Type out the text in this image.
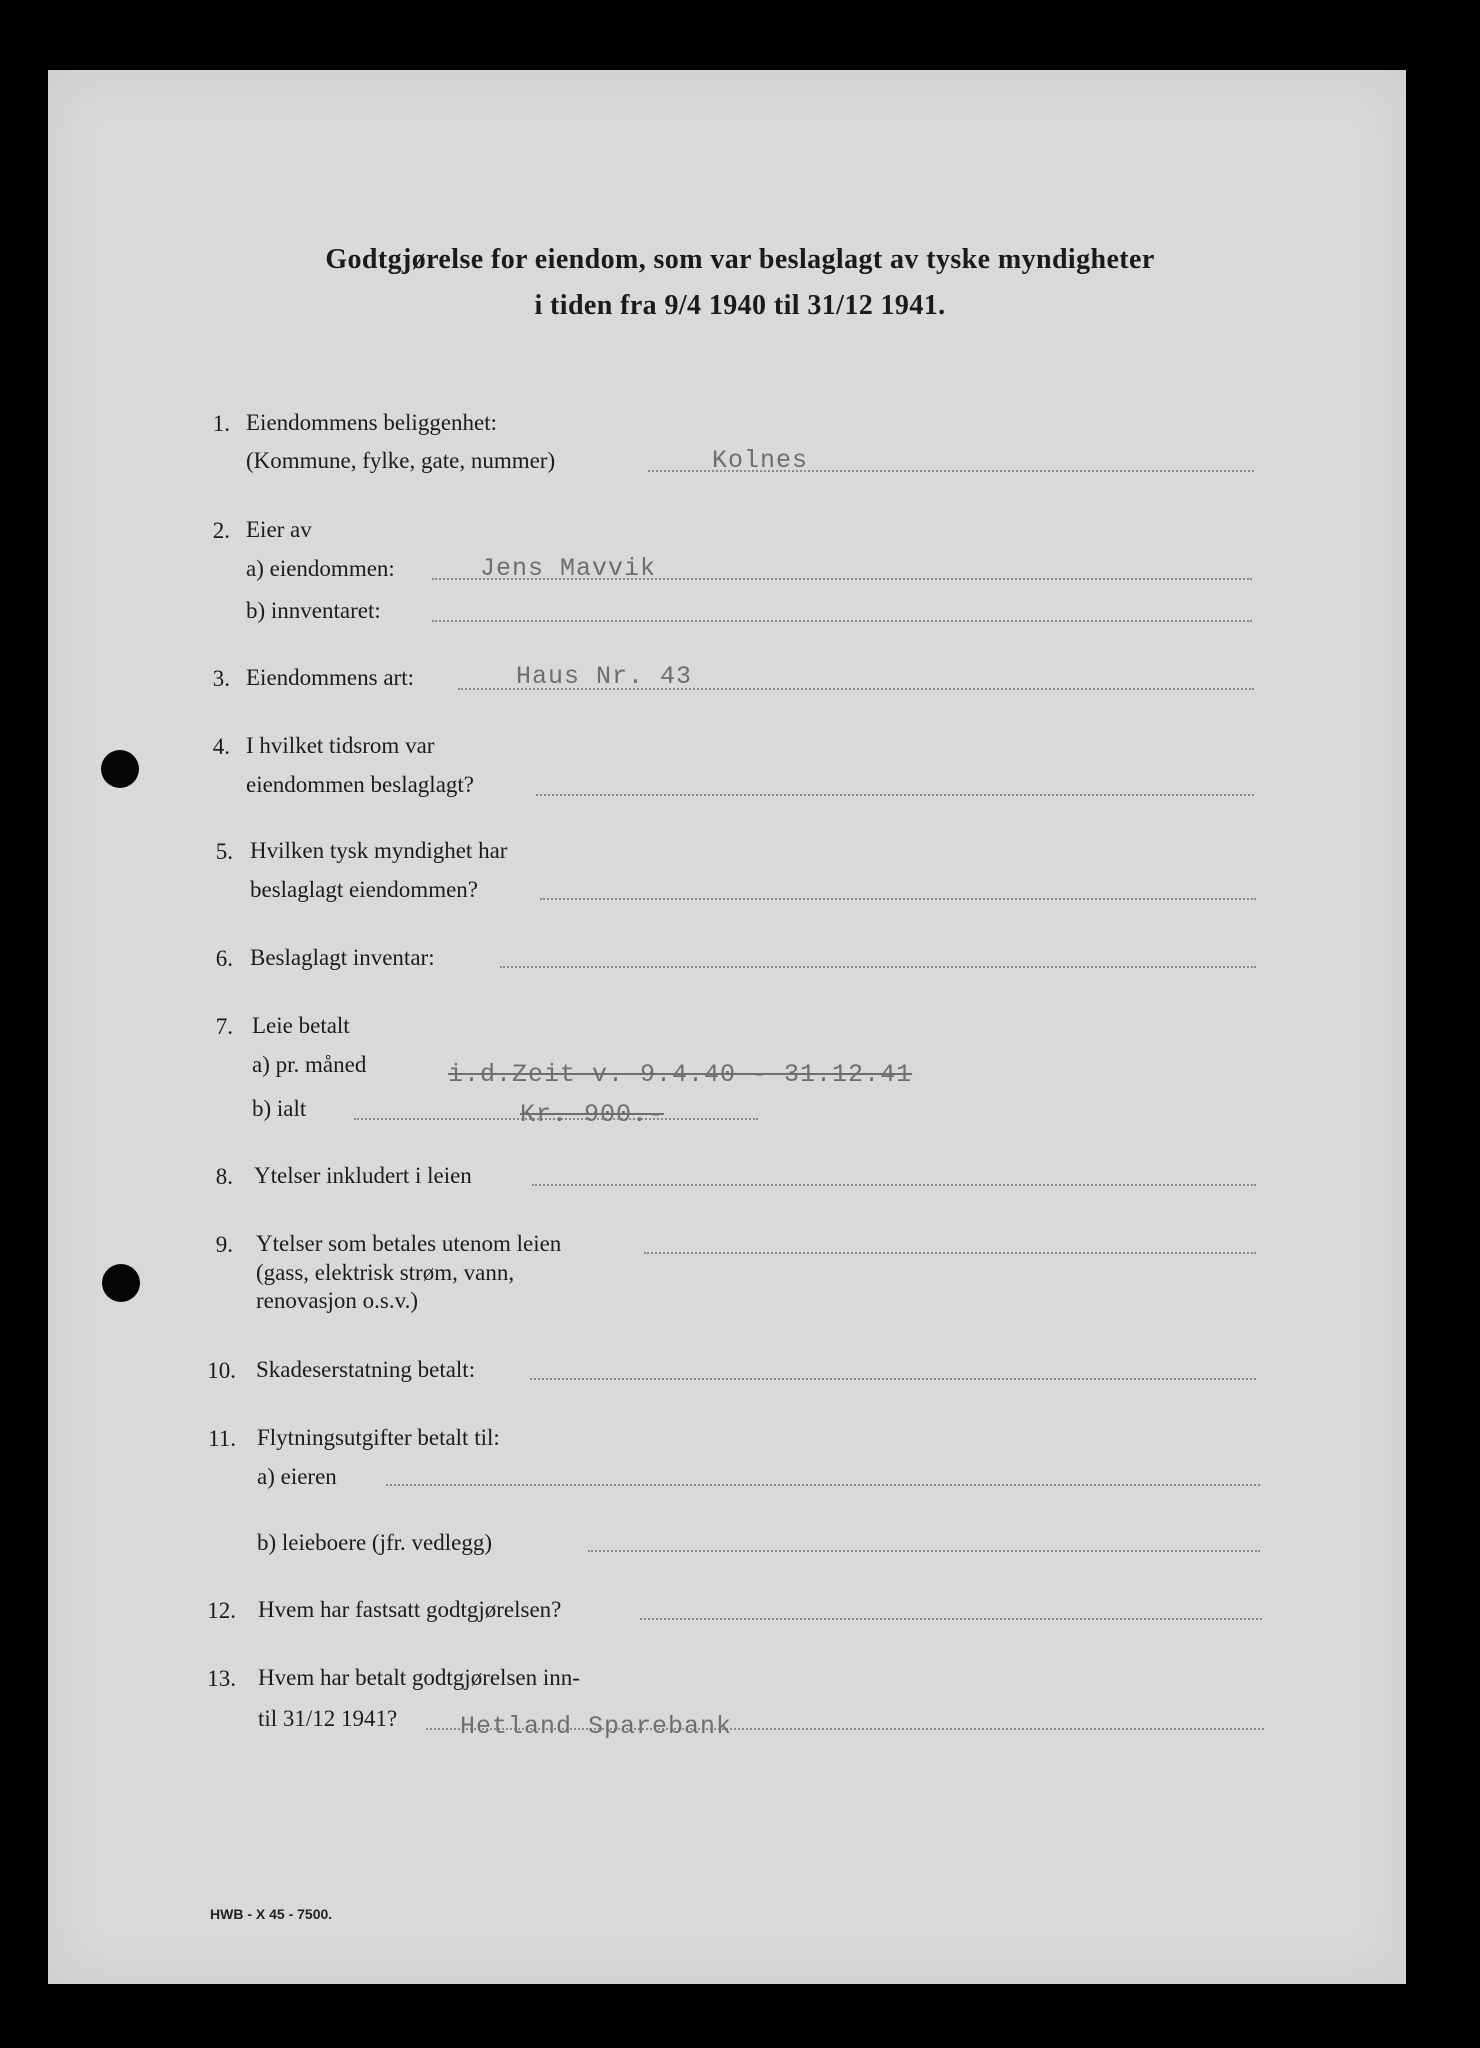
Godtgjørelse for eiendom, som var beslaglagt av tyske myndigheter
i tiden fra 9/4 1940 til 31/12 1941.
1. Eiendommens beliggenhet:
(Kommune, fylke, gate, nummer)	Kolnes
2. Eier av
a) eiendommen:	Jens Mavvik
b) innventaret:
3. Eiendommens art:	Haus Nr. 43
4. I hvilket tidsrom var
eiendommen beslaglagt?
5. Hvilken tysk myndighet har
beslaglagt eiendommen?
6. Beslaglagt inventar:
7. Leie betalt
a) pr. måned	i.d.Zeit v. 9.4.40 - 31.12.41
b) ialt	Kr. 900.-
8. Ytelser inkludert i leien
9. Ytelser som betales utenom leien
(gass, elektrisk strøm, vann,
renovasjon o.s.v.)
10. Skadeserstatning betalt:
11. Flytningsutgifter betalt til:
a) eieren
b) leieboere (jfr. vedlegg)
12. Hvem har fastsatt godtgjørelsen?
13. Hvem har betalt godtgjørelsen inn-
til 31/12 1941?	Hetland Sparebank
HWB - X 45 - 7500.
